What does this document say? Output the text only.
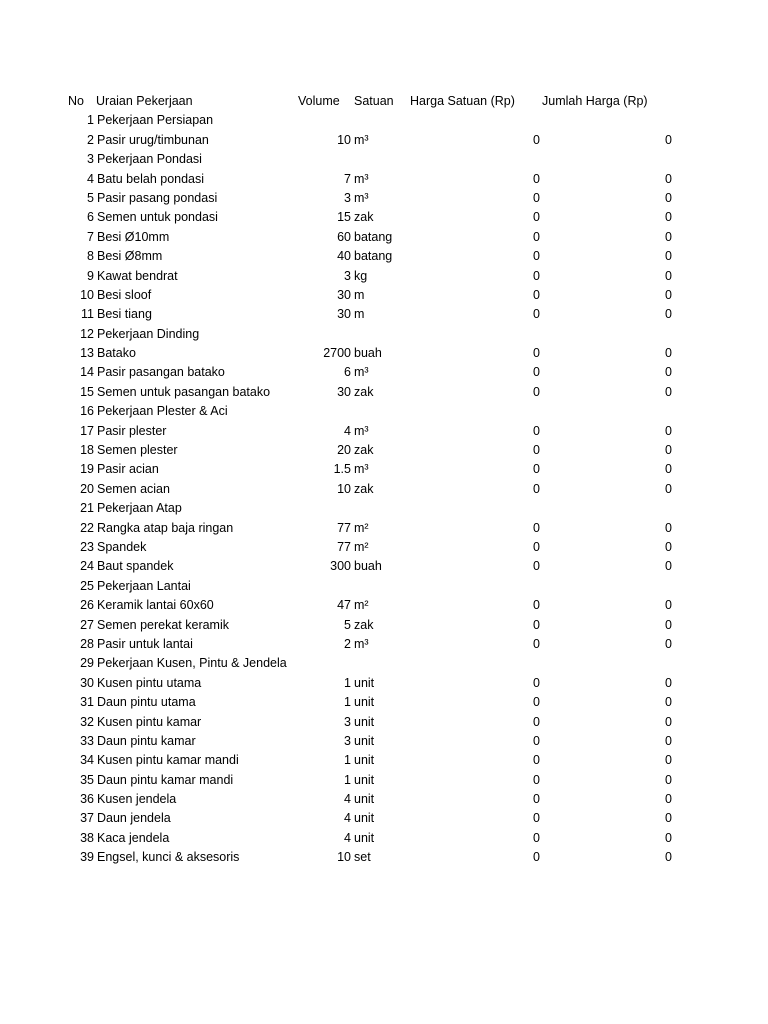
No Uraian Pekerjaan	Volume Satuan Harga Satuan (Rp) Jumlah Harga (Rp)
1 Pekerjaan Persiapan
2 Pasir urug/timbunan	10 m³	0	0
3 Pekerjaan Pondasi
4 Batu belah pondasi	7 m³	0	0
5 Pasir pasang pondasi	3 m³	0	0
6 Semen untuk pondasi	15 zak	0	0
7 Besi Ø10mm	60 batang	0	0
8 Besi Ø8mm	40 batang	0	0
9 Kawat bendrat	3 kg	0	0
10 Besi sloof	30 m	0	0
11 Besi tiang	30 m	0	0
12 Pekerjaan Dinding
13 Batako	2700 buah	0	0
14 Pasir pasangan batako	6 m³	0	0
15 Semen untuk pasangan batako	30 zak	0	0
16 Pekerjaan Plester & Aci
17 Pasir plester	4 m³	0	0
18 Semen plester	20 zak	0	0
19 Pasir acian	1.5 m³	0	0
20 Semen acian	10 zak	0	0
21 Pekerjaan Atap
22 Rangka atap baja ringan	77 m²	0	0
23 Spandek	77 m²	0	0
24 Baut spandek	300 buah	0	0
25 Pekerjaan Lantai
26 Keramik lantai 60x60	47 m²	0	0
27 Semen perekat keramik	5 zak	0	0
28 Pasir untuk lantai	2 m³	0	0
29 Pekerjaan Kusen, Pintu & Jendela
30 Kusen pintu utama	1 unit	0	0
31 Daun pintu utama	1 unit	0	0
32 Kusen pintu kamar	3 unit	0	0
33 Daun pintu kamar	3 unit	0	0
34 Kusen pintu kamar mandi	1 unit	0	0
35 Daun pintu kamar mandi	1 unit	0	0
36 Kusen jendela	4 unit	0	0
37 Daun jendela	4 unit	0	0
38 Kaca jendela	4 unit	0	0
39 Engsel, kunci & aksesoris	10 set	0	0
